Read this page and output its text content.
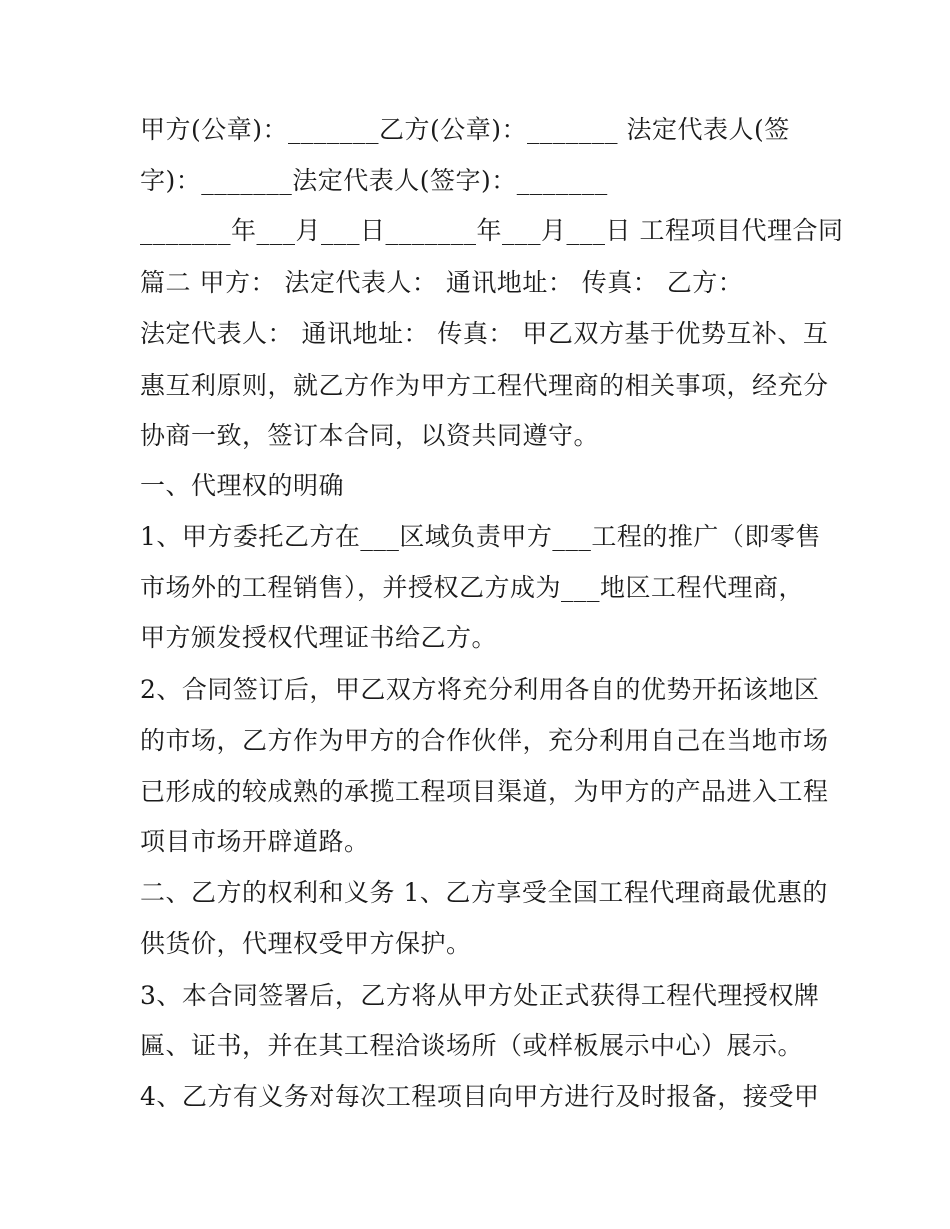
甲方(公章)：_______乙方(公章)：_______ 法定代表人(签
字)：_______法定代表人(签字)：_______
_______年___月___日_______年___月___日 工程项目代理合同
篇二 甲方： 法定代表人： 通讯地址： 传真： 乙方：
法定代表人： 通讯地址： 传真： 甲乙双方基于优势互补、互
惠互利原则，就乙方作为甲方工程代理商的相关事项，经充分
协商一致，签订本合同，以资共同遵守。
一、代理权的明确
1、甲方委托乙方在___区域负责甲方___工程的推广（即零售
市场外的工程销售），并授权乙方成为___地区工程代理商，
甲方颁发授权代理证书给乙方。
2、合同签订后，甲乙双方将充分利用各自的优势开拓该地区
的市场，乙方作为甲方的合作伙伴，充分利用自己在当地市场
已形成的较成熟的承揽工程项目渠道，为甲方的产品进入工程
项目市场开辟道路。
二、乙方的权利和义务 1、乙方享受全国工程代理商最优惠的
供货价，代理权受甲方保护。
3、本合同签署后，乙方将从甲方处正式获得工程代理授权牌
匾、证书，并在其工程洽谈场所（或样板展示中心）展示。
4、乙方有义务对每次工程项目向甲方进行及时报备，接受甲
